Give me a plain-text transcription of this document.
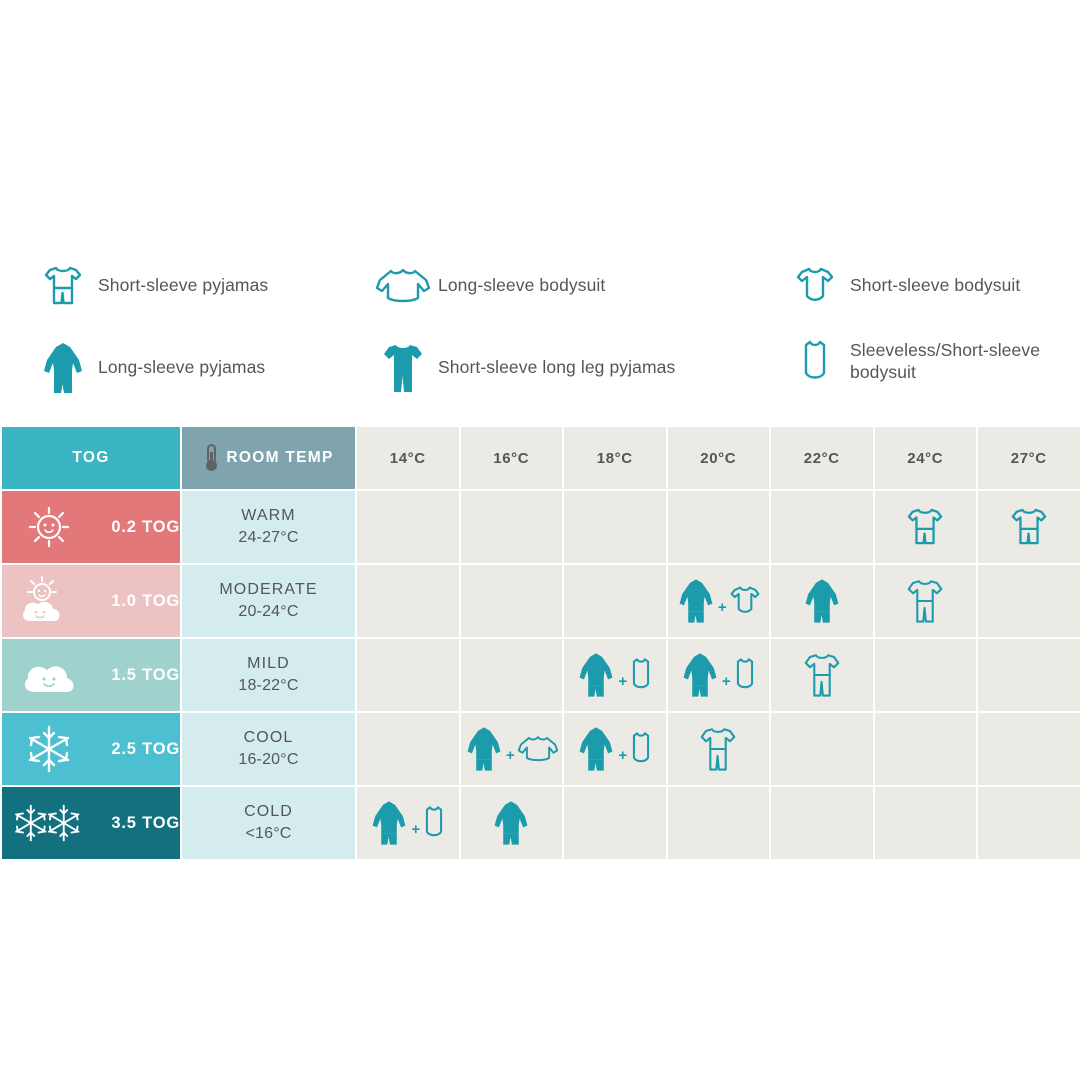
Short-sleeve pyjamas
Long-sleeve pyjamas
Long-sleeve bodysuit
Short-sleeve long leg pyjamas
Short-sleeve bodysuit
Sleeveless/Short-sleeve bodysuit
TOG	ROOM TEMP	14°C	16°C	18°C	20°C	22°C	24°C	27°C

0.2 TOG	WARM
24-27°C

1.0 TOG	MODERATE
20-24°C				+

1.5 TOG	MILD
18-22°C			+	+

2.5 TOG	COOL
16-20°C		+	+

3.5 TOG	COLD
<16°C	+
